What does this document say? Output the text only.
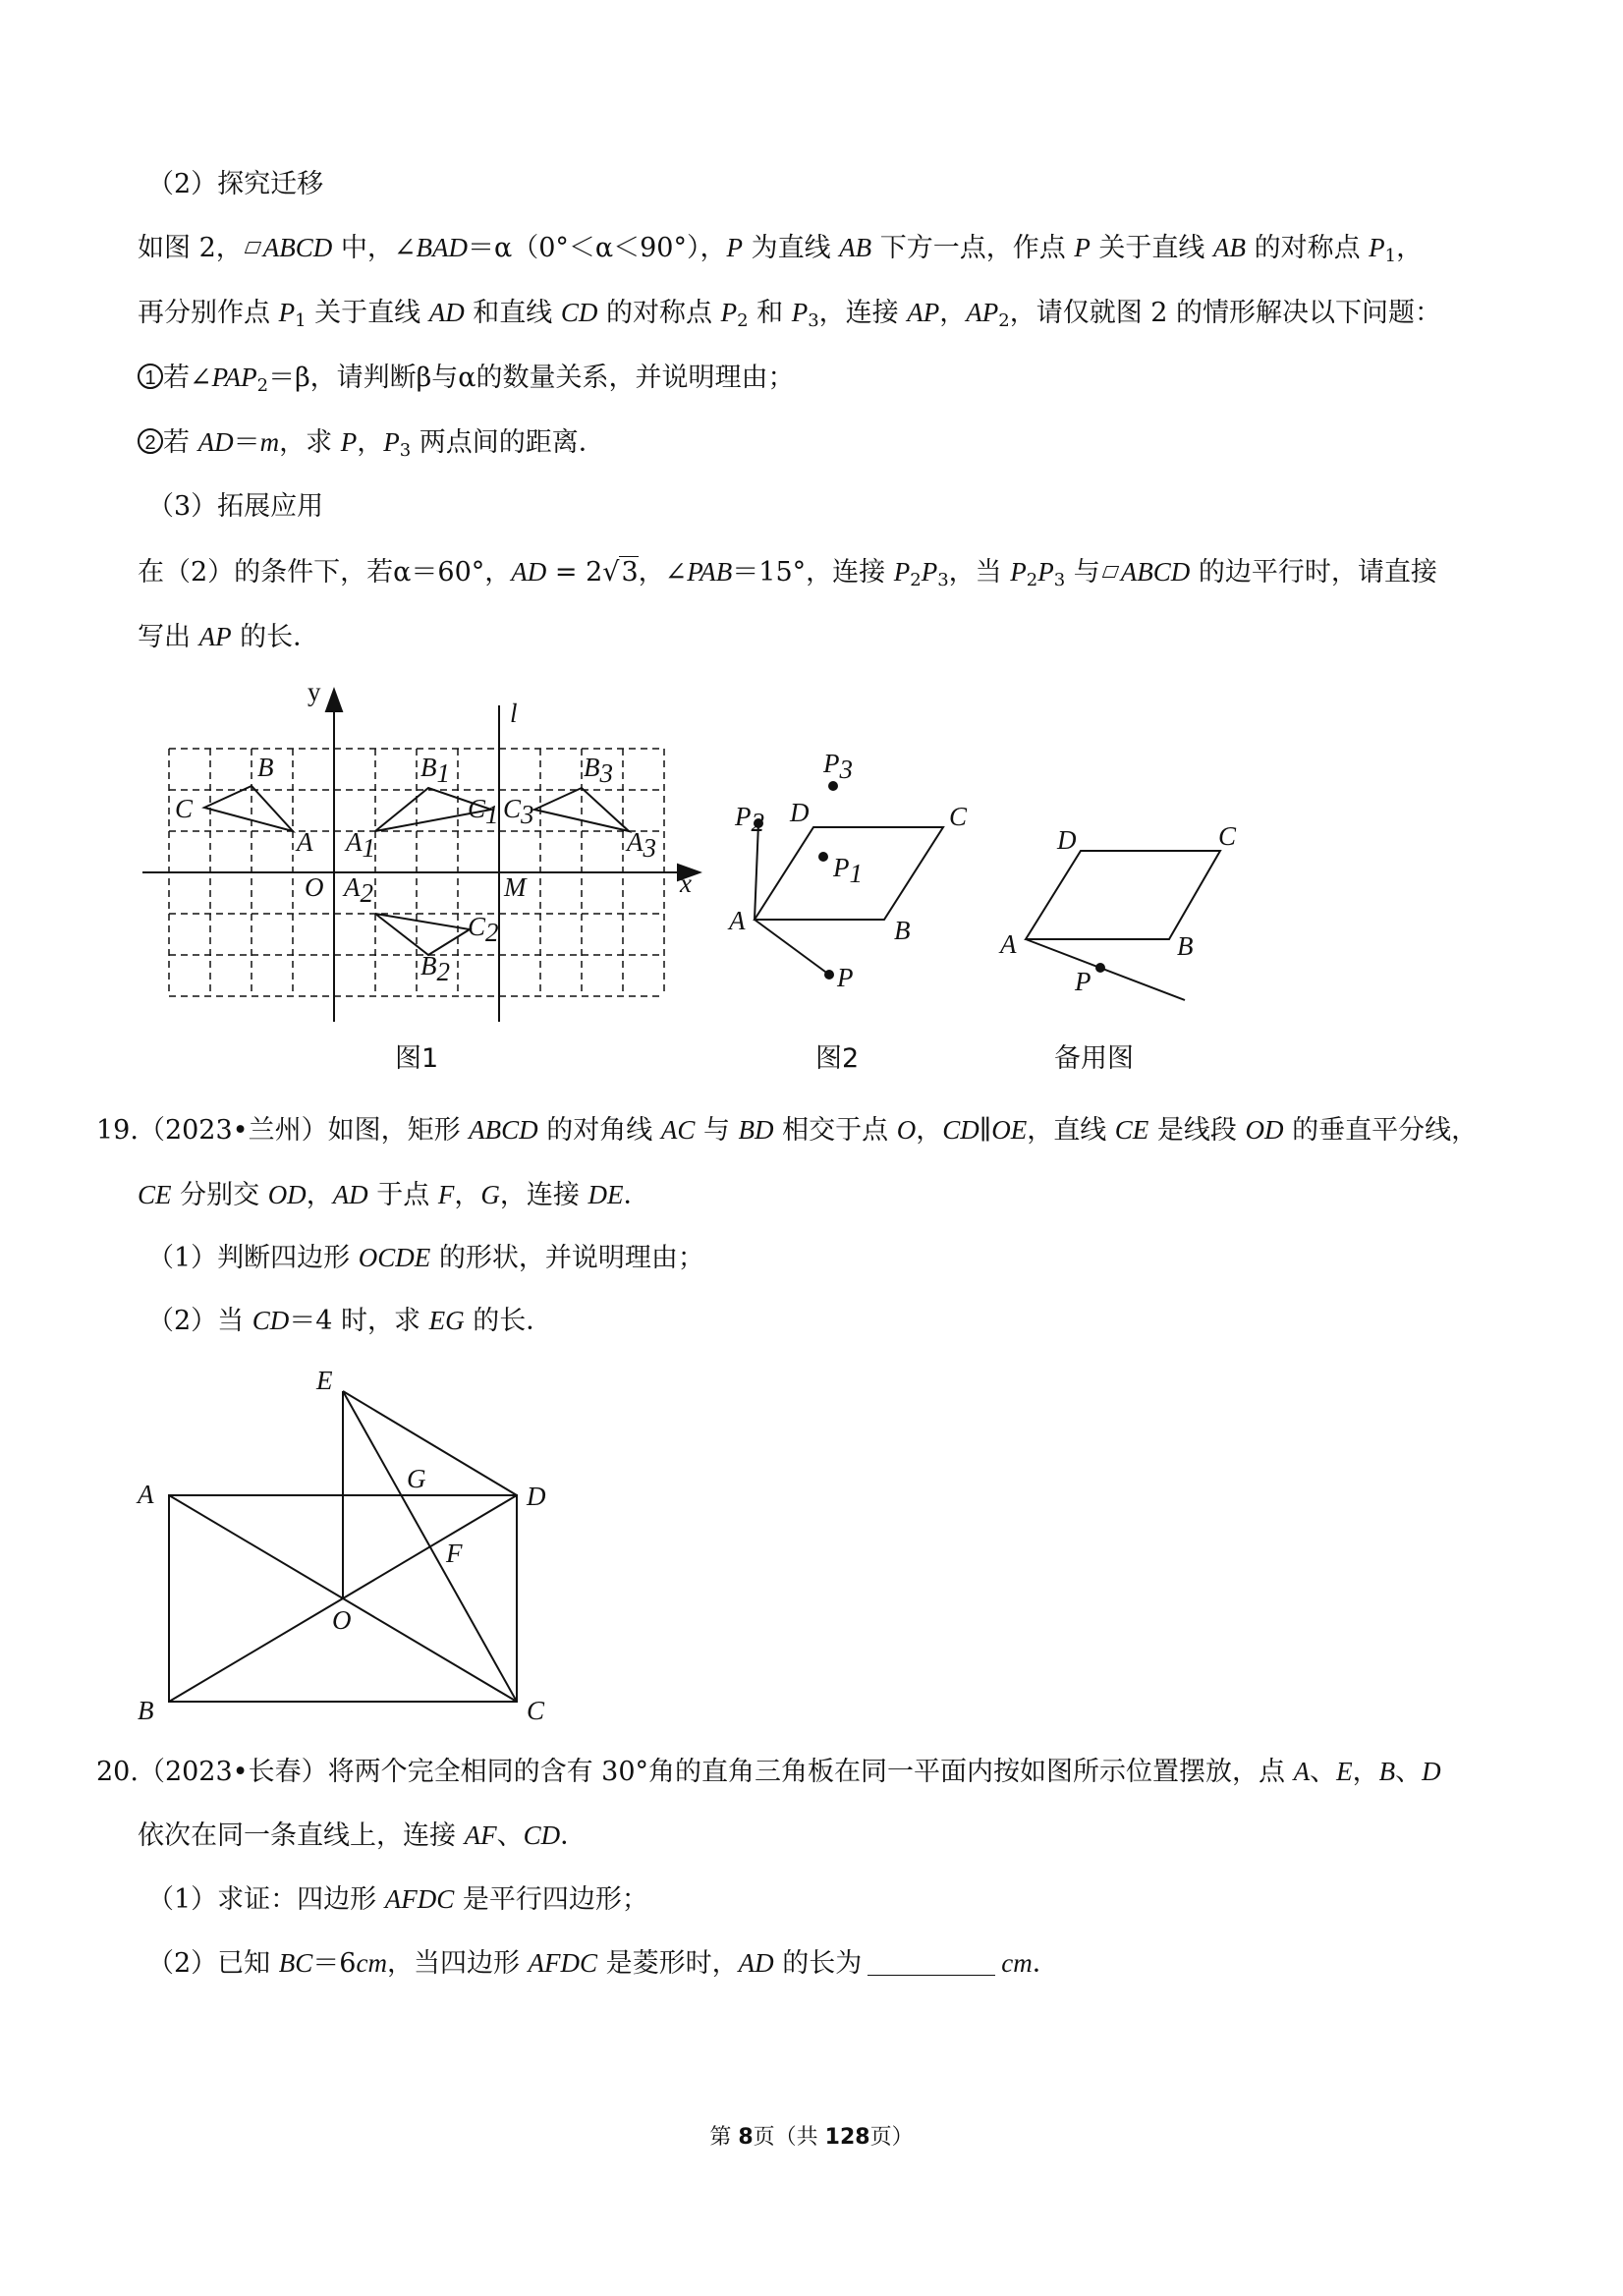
（2）探究迁移
如图 2， ABCD 中，∠BAD＝α（0°＜α＜90°），P 为直线 AB 下方一点，作点 P 关于直线 AB 的对称点 $P_1$，
再分别作点 $P_1$ 关于直线 AD 和直线 CD 的对称点 $P_2$ 和 $P_3$，连接 AP，$AP_2$，请仅就图 2 的情形解决以下问题：
1 若$\angle PAP_2=\beta$，请判断β与α的数量关系，并说明理由；
2 若 AD＝m，求 P，$P_3$ 两点间的距离．
（3）拓展应用
在（2）的条件下，若α＝60°，AD = 2√3，∠PAB＝15°，连接 $P_2P_3$，当 $P_2P_3$ 与 ABCD 的边平行时，请直接
写出 AP 的长．
y
x
l
O	M
B
C
A
B1
C1
A1
B3
C3
A3
A2
C2
B2
P3
P2 D	C
P1
A	B
P
D	C
A	B
P
E
A	D
G
F
O
B	C
图1	图2	备用图
19.（2023•兰州）如图，矩形 ABCD 的对角线 AC 与 BD 相交于点 O，CD∥OE，直线 CE 是线段 OD 的垂直平分线，
CE 分别交 OD，AD 于点 F，G，连接 DE．
（1）判断四边形 OCDE 的形状，并说明理由；
（2）当 CD＝4 时，求 EG 的长．
20.（2023•长春）将两个完全相同的含有 30°角的直角三角板在同一平面内按如图所示位置摆放，点 A、E，B、D
依次在同一条直线上，连接 AF、CD．
（1）求证：四边形 AFDC 是平行四边形；
（2）已知 BC＝6cm，当四边形 AFDC 是菱形时，AD 的长为	cm．
第 8页（共 128页）
